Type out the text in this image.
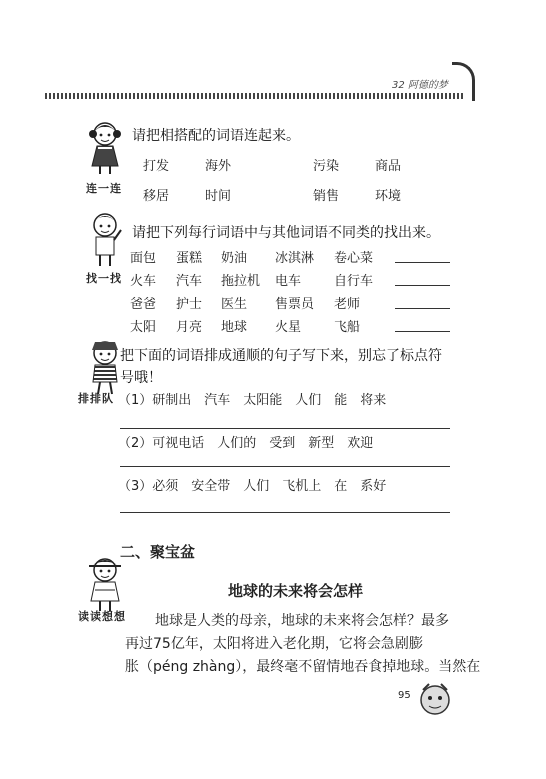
32 阿德的梦
连一连
请把相搭配的词语连起来。
打发	海外	污染	商品
移居	时间	销售	环境
找一找
请把下列每行词语中与其他词语不同类的找出来。
面包 蛋糕 奶油 冰淇淋 卷心菜
火车 汽车 拖拉机 电车	自行车
爸爸 护士 医生 售票员 老师
太阳 月亮 地球 火星	飞船
排排队
把下面的词语排成通顺的句子写下来，别忘了标点符
号哦！
（1）研制出　汽车　太阳能　人们　能　将来
（2）可视电话　人们的　受到　新型　欢迎
（3）必须　安全带　人们　飞机上　在　系好
二、聚宝盆
读读想想
地球的未来将会怎样
地球是人类的母亲，地球的未来将会怎样？最多
再过75亿年，太阳将进入老化期，它将会急剧膨
胀（péng zhàng），最终毫不留情地吞食掉地球。当然在
95
